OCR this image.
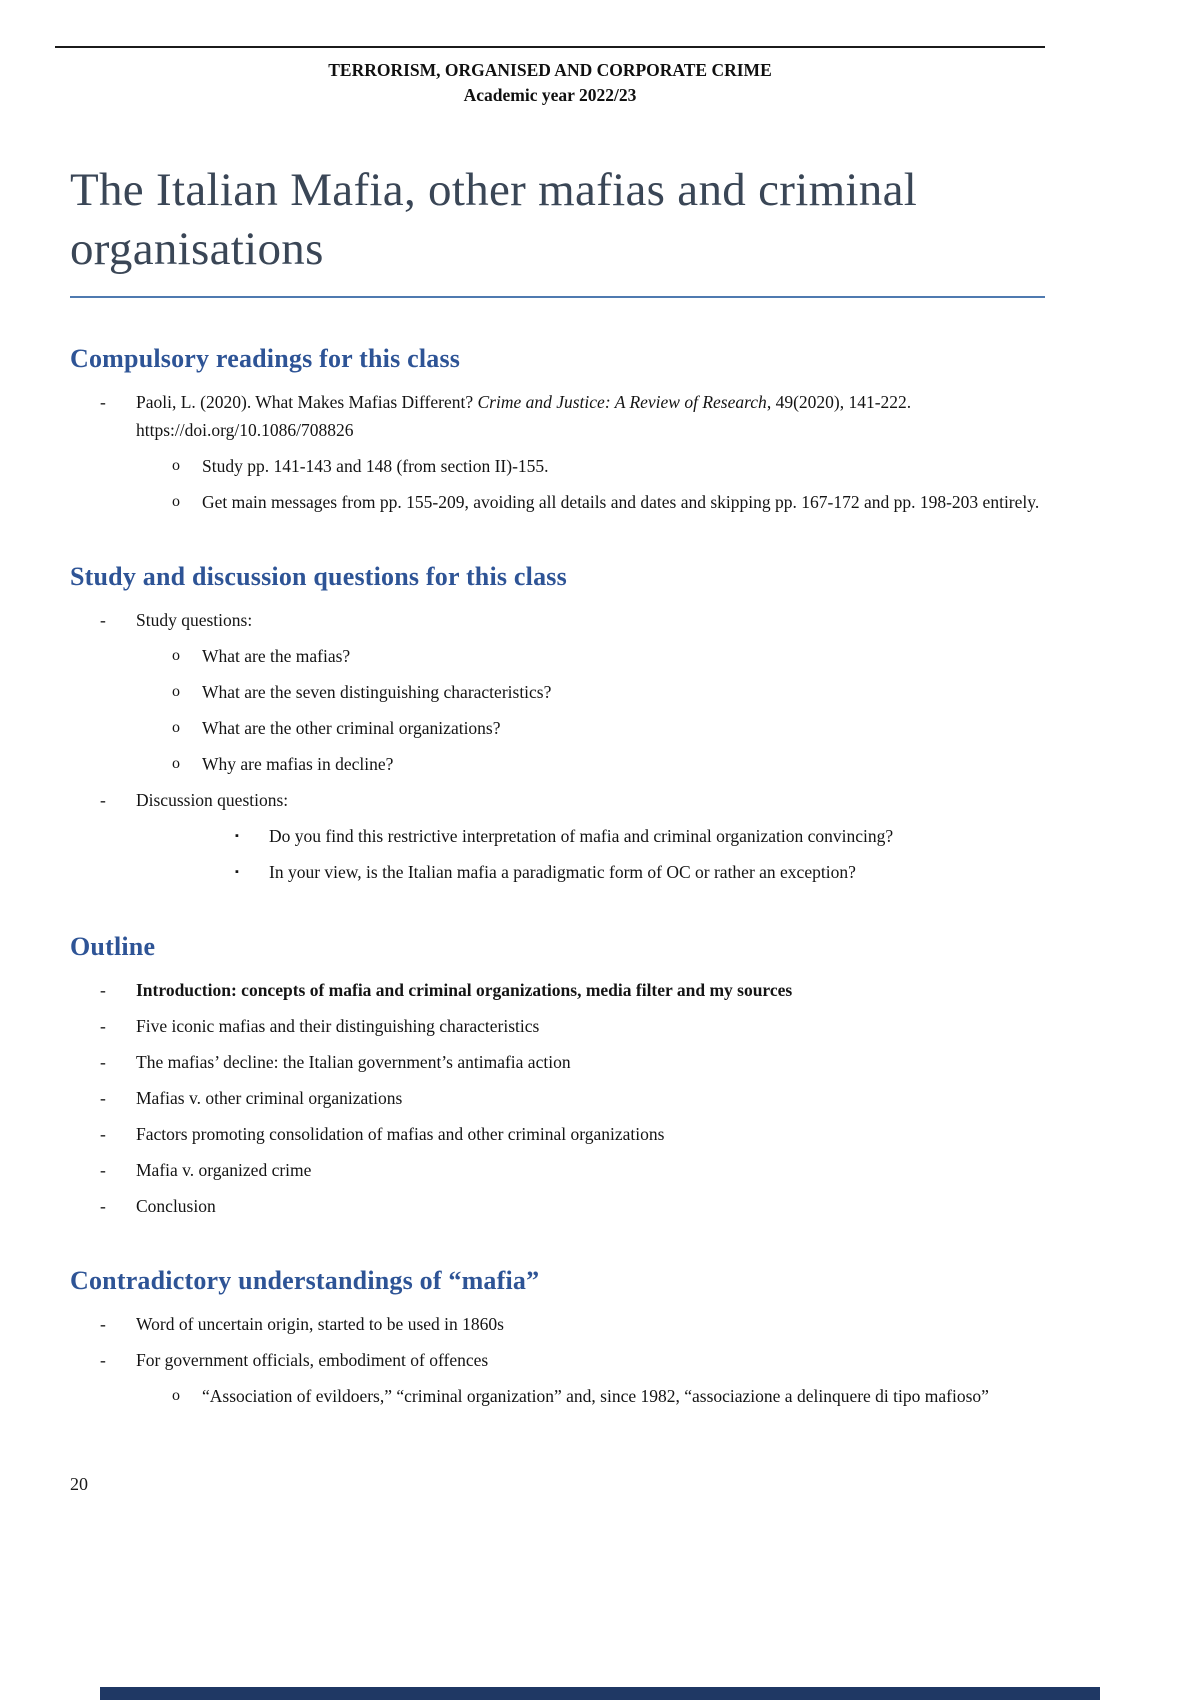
TERRORISM, ORGANISED AND CORPORATE CRIME
Academic year 2022/23
The Italian Mafia, other mafias and criminal organisations
Compulsory readings for this class
-	Paoli, L. (2020). What Makes Mafias Different? Crime and Justice: A Review of Research, 49(2020), 141-222. https://doi.org/10.1086/708826
o	Study pp. 141-143 and 148 (from section II)-155.
o	Get main messages from pp. 155-209, avoiding all details and dates and skipping pp. 167-172 and pp. 198-203 entirely.
Study and discussion questions for this class
-	Study questions:
o	What are the mafias?
o	What are the seven distinguishing characteristics?
o	What are the other criminal organizations?
o	Why are mafias in decline?
-	Discussion questions:
▪	Do you find this restrictive interpretation of mafia and criminal organization convincing?
▪	In your view, is the Italian mafia a paradigmatic form of OC or rather an exception?
Outline
-	Introduction: concepts of mafia and criminal organizations, media filter and my sources
-	Five iconic mafias and their distinguishing characteristics
-	The mafias’ decline: the Italian government’s antimafia action
-	Mafias v. other criminal organizations
-	Factors promoting consolidation of mafias and other criminal organizations
-	Mafia v. organized crime
-	Conclusion
Contradictory understandings of “mafia”
-	Word of uncertain origin, started to be used in 1860s
-	For government officials, embodiment of offences
o	“Association of evildoers,” “criminal organization” and, since 1982, “associazione a delinquere di tipo mafioso”
20
